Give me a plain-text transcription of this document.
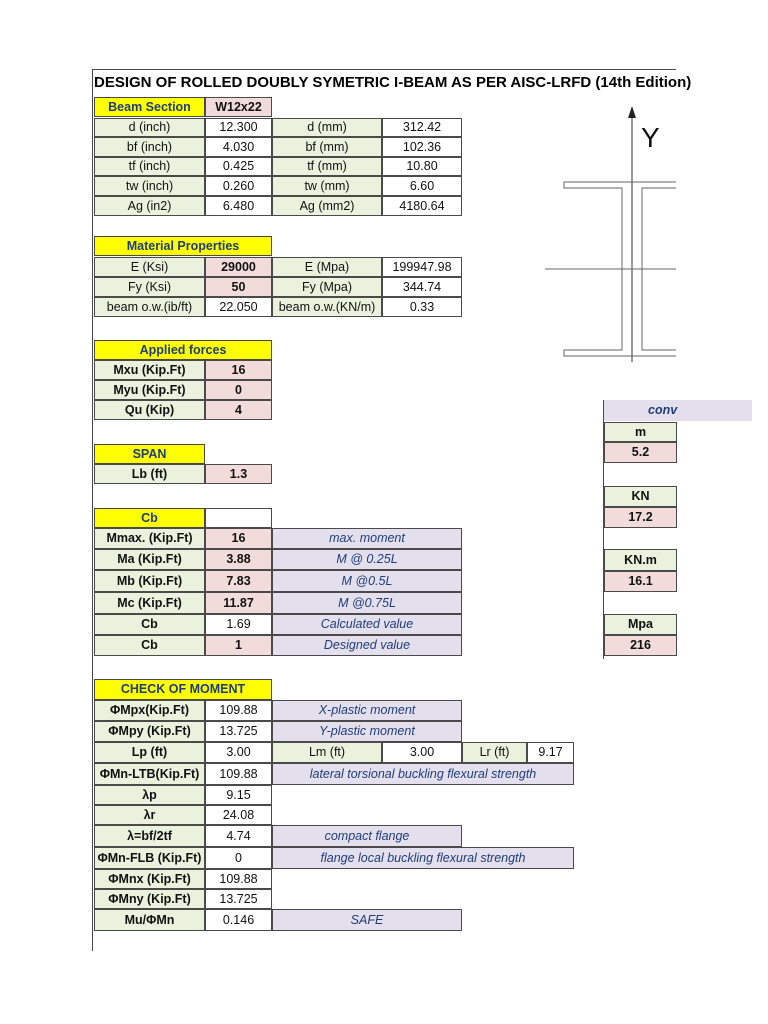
DESIGN OF ROLLED DOUBLY SYMETRIC I-BEAM AS PER AISC-LRFD (14th Edition)
Beam Section	W12x22
d (inch)	12.300	d (mm)	312.42
bf (inch)	4.030	bf (mm)	102.36
tf (inch)	0.425	tf (mm)	10.80
tw (inch)	0.260	tw (mm)	6.60
Ag (in2)	6.480	Ag (mm2)	4180.64
Material Properties
E (Ksi)	29000	E (Mpa)	199947.98
Fy (Ksi)	50	Fy (Mpa)	344.74
beam o.w.(ib/ft)	22.050	beam o.w.(KN/m)	0.33
Applied forces
Mxu (Kip.Ft)	16
Myu (Kip.Ft)	0
Qu (Kip)	4
SPAN
Lb (ft)	1.3
Cb
Mmax. (Kip.Ft)	16	max. moment
Ma (Kip.Ft)	3.88	M @ 0.25L
Mb (Kip.Ft)	7.83	M @0.5L
Mc (Kip.Ft)	11.87	M @0.75L
Cb	1.69	Calculated value
Cb	1	Designed value
CHECK OF MOMENT
ΦMpx(Kip.Ft)	109.88	X-plastic moment
ΦMpy (Kip.Ft)	13.725	Y-plastic moment
Lp (ft)	3.00	Lm (ft)	3.00	Lr (ft)	9.17
ΦMn-LTB(Kip.Ft)	109.88	lateral torsional buckling flexural strength
λp	9.15
λr	24.08
λ=bf/2tf	4.74	compact flange
ΦMn-FLB (Kip.Ft)	0	flange local buckling flexural strength
ΦMnx (Kip.Ft)	109.88
ΦMny (Kip.Ft)	13.725
Mu/ΦMn	0.146	SAFE
Y
conv
m
5.2
KN
17.2
KN.m
16.1
Mpa
216
